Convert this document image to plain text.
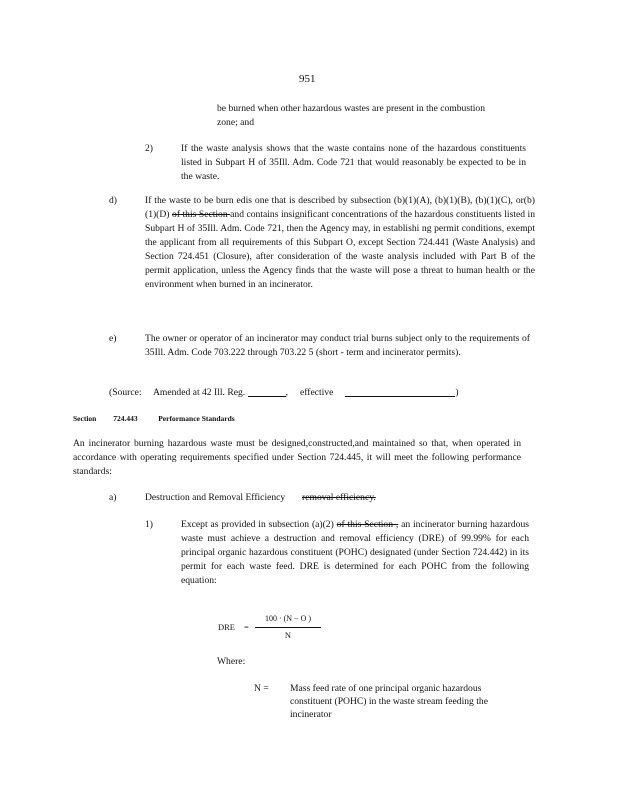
951
be burned when other hazardous wastes are present in the combustion zone; and
2)	If the waste analysis shows that the waste contains none of the hazardous constituents listed in Subpart H of 35Ill. Adm. Code 721 that would reasonably be expected to be in the waste.
d)	If the waste to be burn edis one that is described by subsection (b)(1)(A), (b)(1)(B), (b)(1)(C), or(b)(1)(D) of this Section and contains insignificant concentrations of the hazardous constituents listed in Subpart H of 35Ill. Adm. Code 721, then the Agency may, in establishi ng permit conditions, exempt the applicant from all requirements of this Subpart O, except Section 724.441 (Waste Analysis) and Section 724.451 (Closure), after consideration of the waste analysis included with Part B of the permit application, unless the Agency finds that the waste will pose a threat to human health or the environment when burned in an incinerator.
e)	The owner or operator of an incinerator may conduct trial burns subject only to the requirements of 35Ill. Adm. Code 703.222 through 703.22 5 (short - term and incinerator permits).
(Source: Amended at 42 Ill. Reg.	, effective	)
Section 724.443	Performance Standards
An incinerator burning hazardous waste must be designed,constructed,and maintained so that, when operated in accordance with operating requirements specified under Section 724.445, it will meet the following performance standards:
a)	Destruction and Removal Efficiency removal efficiency.
1)	Except as provided in subsection (a)(2) of this Section , an incinerator burning hazardous waste must achieve a destruction and removal efficiency (DRE) of 99.99% for each principal organic hazardous constituent (POHC) designated (under Section 724.442) in its permit for each waste feed. DRE is determined for each POHC from the following equation:
DRE =
100 · (N − O )
N
Where:
N = Mass feed rate of one principal organic hazardous constituent (POHC) in the waste stream feeding the incinerator
